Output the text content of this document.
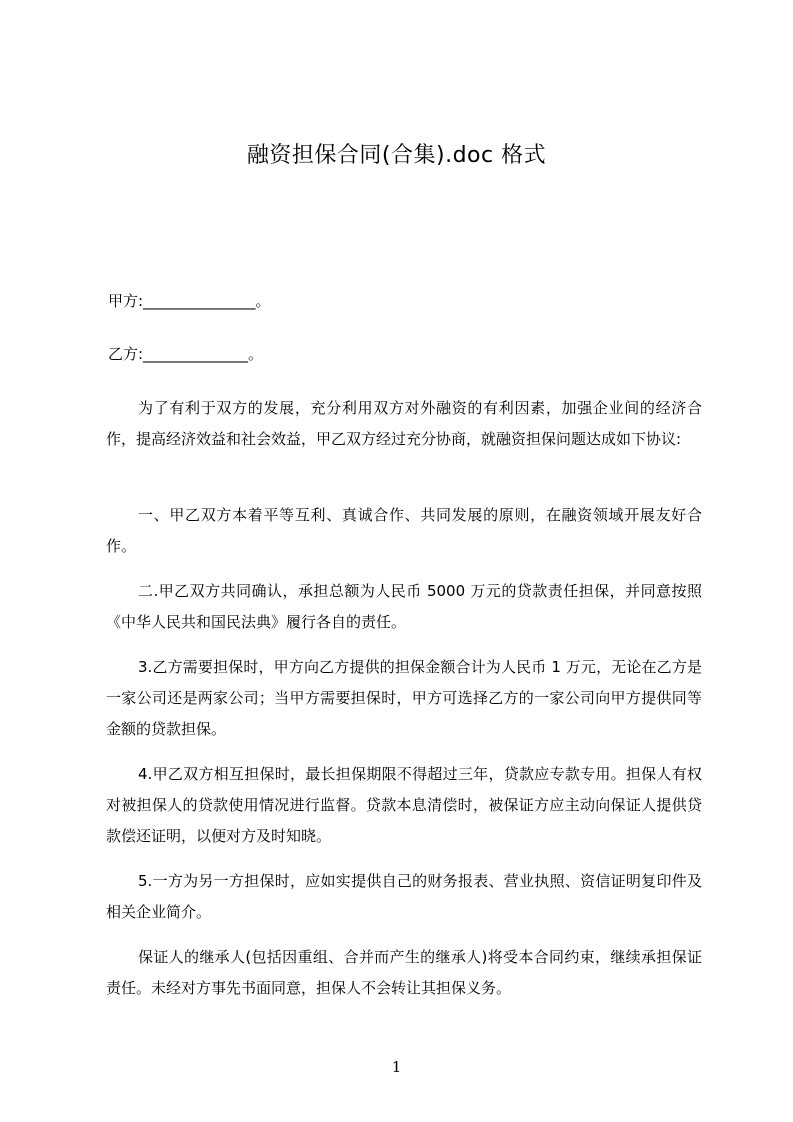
融资担保合同(合集).doc 格式
甲方:_______________。
乙方:______________。
为了有利于双方的发展，充分利用双方对外融资的有利因素，加强企业间的经济合作，提高经济效益和社会效益，甲乙双方经过充分协商，就融资担保问题达成如下协议:
一、甲乙双方本着平等互利、真诚合作、共同发展的原则，在融资领域开展友好合作。
二.甲乙双方共同确认，承担总额为人民币 5000 万元的贷款责任担保，并同意按照《中华人民共和国民法典》履行各自的责任。
3.乙方需要担保时，甲方向乙方提供的担保金额合计为人民币 1 万元，无论在乙方是一家公司还是两家公司；当甲方需要担保时，甲方可选择乙方的一家公司向甲方提供同等金额的贷款担保。
4.甲乙双方相互担保时，最长担保期限不得超过三年，贷款应专款专用。担保人有权对被担保人的贷款使用情况进行监督。贷款本息清偿时，被保证方应主动向保证人提供贷款偿还证明，以便对方及时知晓。
5.一方为另一方担保时，应如实提供自己的财务报表、营业执照、资信证明复印件及相关企业简介。
保证人的继承人(包括因重组、合并而产生的继承人)将受本合同约束，继续承担保证责任。未经对方事先书面同意，担保人不会转让其担保义务。
1
